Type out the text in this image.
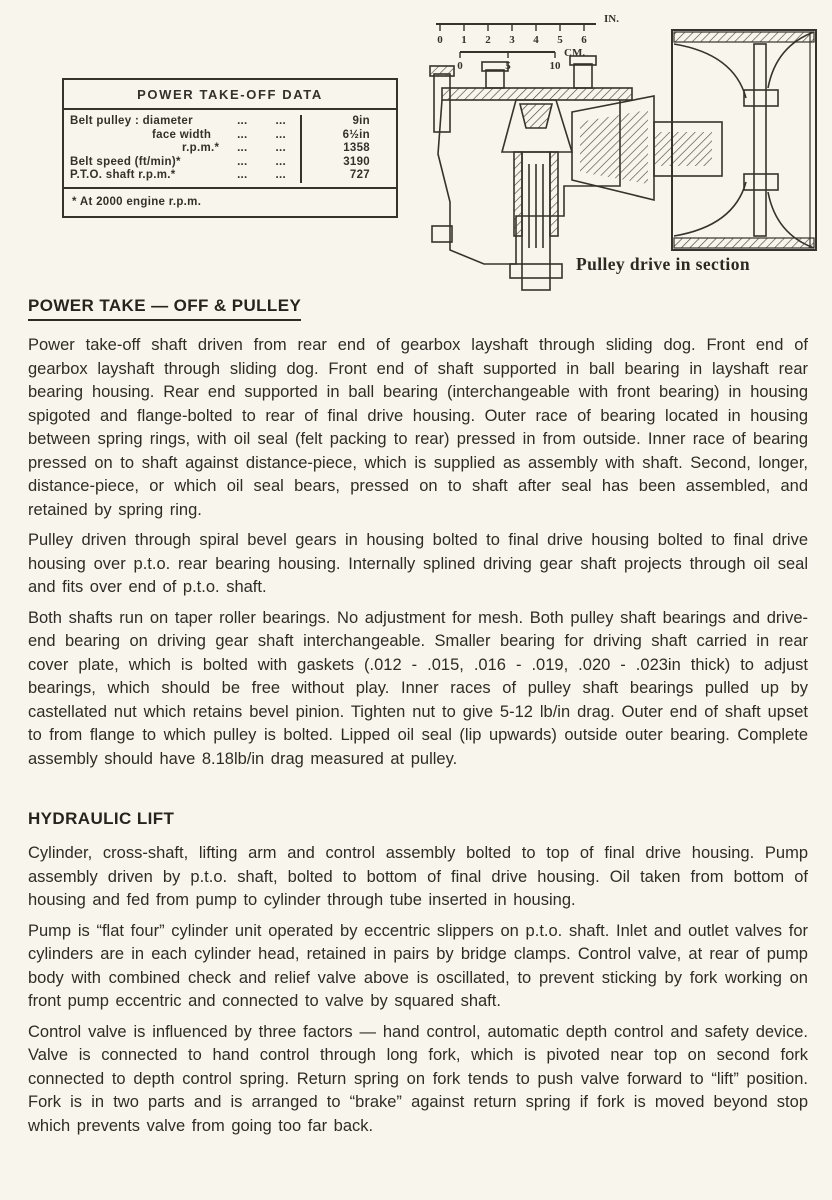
POWER TAKE-OFF DATA
Belt pulley : diameter	...        ...	9in
face width	...        ...	6½in
r.p.m.*	...        ...	1358
Belt speed (ft/min)*	...        ...	3190
P.T.O. shaft r.p.m.*	...        ...	727
* At 2000 engine r.p.m.
0 1 2 3 4 5 6
IN.
0	5	10
CM.
Pulley drive in section
POWER TAKE — OFF & PULLEY

Power take-off shaft driven from rear end of gearbox layshaft through sliding dog. Front end of gearbox layshaft through sliding dog. Front end of shaft supported in ball bearing in layshaft rear bearing housing. Rear end supported in ball bearing (interchangeable with front bearing) in housing spigoted and flange-bolted to rear of final drive housing. Outer race of bearing located in housing between spring rings, with oil seal (felt packing to rear) pressed in from outside. Inner race of bearing pressed on to shaft against distance-piece, which is supplied as assembly with shaft. Second, longer, distance-piece, or which oil seal bears, pressed on to shaft after seal has been assembled, and retained by spring ring.

Pulley driven through spiral bevel gears in housing bolted to final drive housing bolted to final drive housing over p.t.o. rear bearing housing. Internally splined driving gear shaft projects through oil seal and fits over end of p.t.o. shaft.

Both shafts run on taper roller bearings. No adjustment for mesh. Both pulley shaft bearings and drive-end bearing on driving gear shaft interchangeable. Smaller bearing for driving shaft carried in rear cover plate, which is bolted with gaskets (.012 - .015, .016 - .019, .020 - .023in thick) to adjust bearings, which should be free without play. Inner races of pulley shaft bearings pulled up by castellated nut which retains bevel pinion. Tighten nut to give 5-12 lb/in drag. Outer end of shaft upset to from flange to which pulley is bolted. Lipped oil seal (lip upwards) outside outer bearing. Complete assembly should have 8.18lb/in drag measured at pulley.

HYDRAULIC LIFT

Cylinder, cross-shaft, lifting arm and control assembly bolted to top of final drive housing. Pump assembly driven by p.t.o. shaft, bolted to bottom of final drive housing. Oil taken from bottom of housing and fed from pump to cylinder through tube inserted in housing.

Pump is “flat four” cylinder unit operated by eccentric slippers on p.t.o. shaft. Inlet and outlet valves for cylinders are in each cylinder head, retained in pairs by bridge clamps. Control valve, at rear of pump body with combined check and relief valve above is oscillated, to prevent sticking by fork working on front pump eccentric and connected to valve by squared shaft.

Control valve is influenced by three factors — hand control, automatic depth control and safety device. Valve is connected to hand control through long fork, which is pivoted near top on second fork connected to depth control spring. Return spring on fork tends to push valve forward to “lift” position. Fork is in two parts and is arranged to “brake” against return spring if fork is moved beyond stop which prevents valve from going too far back.
